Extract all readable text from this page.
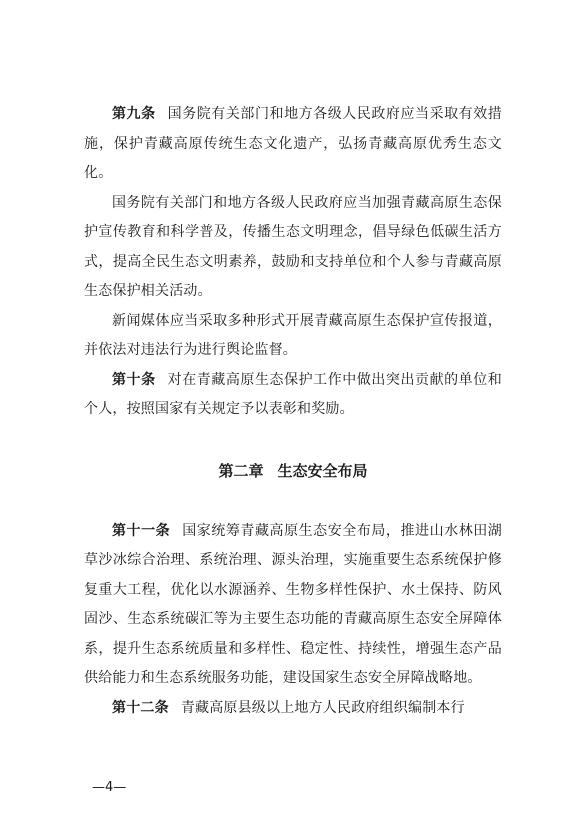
第九条 国务院有关部门和地方各级人民政府应当采取有效措施，保护青藏高原传统生态文化遗产，弘扬青藏高原优秀生态文化。

国务院有关部门和地方各级人民政府应当加强青藏高原生态保护宣传教育和科学普及，传播生态文明理念，倡导绿色低碳生活方式，提高全民生态文明素养，鼓励和支持单位和个人参与青藏高原生态保护相关活动。

新闻媒体应当采取多种形式开展青藏高原生态保护宣传报道，并依法对违法行为进行舆论监督。

第十条 对在青藏高原生态保护工作中做出突出贡献的单位和个人，按照国家有关规定予以表彰和奖励。

第二章 生态安全布局

第十一条 国家统筹青藏高原生态安全布局，推进山水林田湖草沙冰综合治理、系统治理、源头治理，实施重要生态系统保护修复重大工程，优化以水源涵养、生物多样性保护、水土保持、防风固沙、生态系统碳汇等为主要生态功能的青藏高原生态安全屏障体系，提升生态系统质量和多样性、稳定性、持续性，增强生态产品供给能力和生态系统服务功能，建设国家生态安全屏障战略地。

第十二条 青藏高原县级以上地方人民政府组织编制本行

—4—
